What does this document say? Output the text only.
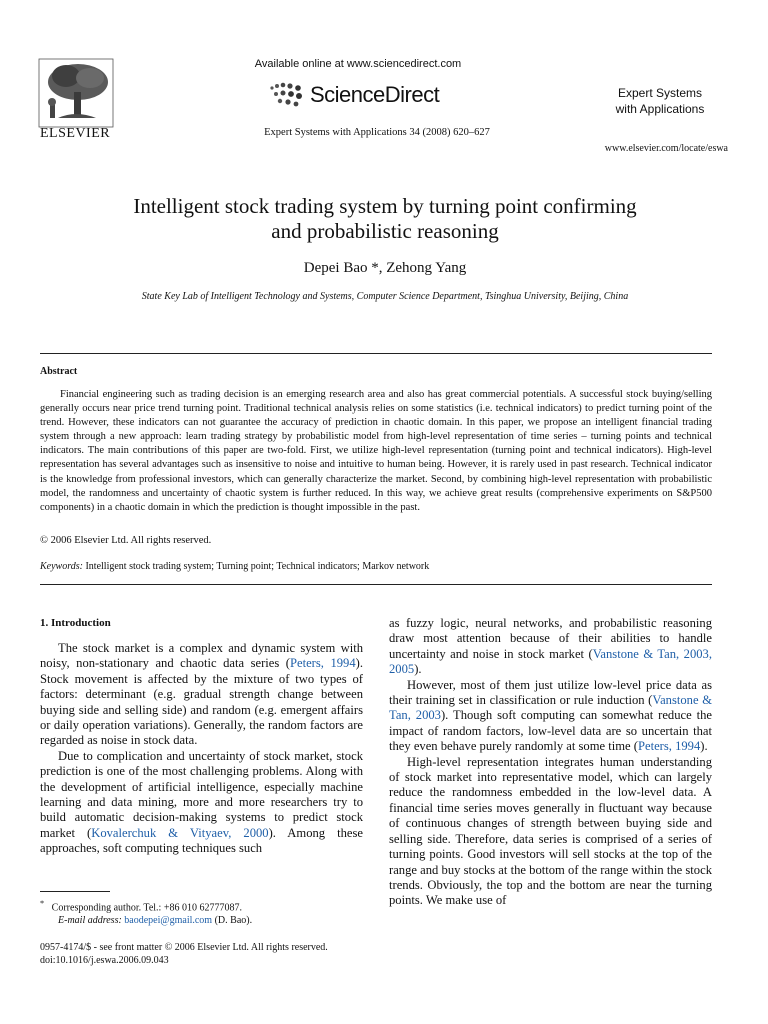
ELSEVIER
Available online at www.sciencedirect.com
ScienceDirect
Expert Systems with Applications 34 (2008) 620–627
Expert Systems
with Applications
www.elsevier.com/locate/eswa
Intelligent stock trading system by turning point confirming
and probabilistic reasoning
Depei Bao *, Zehong Yang
State Key Lab of Intelligent Technology and Systems, Computer Science Department, Tsinghua University, Beijing, China
Abstract

Financial engineering such as trading decision is an emerging research area and also has great commercial potentials. A successful stock buying/selling generally occurs near price trend turning point. Traditional technical analysis relies on some statistics (i.e. technical indicators) to predict turning point of the trend. However, these indicators can not guarantee the accuracy of prediction in chaotic domain. In this paper, we propose an intelligent financial trading system through a new approach: learn trading strategy by probabilistic model from high-level representation of time series – turning points and technical indicators. The main contributions of this paper are two-fold. First, we utilize high-level representation (turning point and technical indicators). High-level representation has several advantages such as insensitive to noise and intuitive to human being. However, it is rarely used in past research. Technical indicator is the knowledge from professional investors, which can generally characterize the market. Second, by combining high-level representation with probabilistic model, the randomness and uncertainty of chaotic system is further reduced. In this way, we achieve great results (comprehensive experiments on S&P500 components) in a chaotic domain in which the prediction is thought impossible in the past.

© 2006 Elsevier Ltd. All rights reserved.
Keywords: Intelligent stock trading system; Turning point; Technical indicators; Markov network
1. Introduction

The stock market is a complex and dynamic system with noisy, non-stationary and chaotic data series (Peters, 1994). Stock movement is affected by the mixture of two types of factors: determinant (e.g. gradual strength change between buying side and selling side) and random (e.g. emergent affairs or daily operation variations). Generally, the random factors are regarded as noise in stock data.

Due to complication and uncertainty of stock market, stock prediction is one of the most challenging problems. Along with the development of artificial intelligence, especially machine learning and data mining, more and more researchers try to build automatic decision-making systems to predict stock market (Kovalerchuk & Vityaev, 2000). Among these approaches, soft computing techniques such

* Corresponding author. Tel.: +86 010 62777087.
E-mail address: baodepei@gmail.com (D. Bao).
0957-4174/$ - see front matter © 2006 Elsevier Ltd. All rights reserved.
doi:10.1016/j.eswa.2006.09.043

as fuzzy logic, neural networks, and probabilistic reasoning draw most attention because of their abilities to handle uncertainty and noise in stock market (Vanstone & Tan, 2003, 2005).

However, most of them just utilize low-level price data as their training set in classification or rule induction (Vanstone & Tan, 2003). Though soft computing can somewhat reduce the impact of random factors, low-level data are so uncertain that they even behave purely randomly at some time (Peters, 1994).

High-level representation integrates human understanding of stock market into representative model, which can largely reduce the randomness embedded in the low-level data. A financial time series moves generally in fluctuant way because of continuous changes of strength between buying side and selling side. Therefore, data series is comprised of a series of turning points. Good investors will sell stocks at the top of the range and buy stocks at the bottom of the range within the stock trends. Obviously, the top and the bottom are near the turning points. We make use of
